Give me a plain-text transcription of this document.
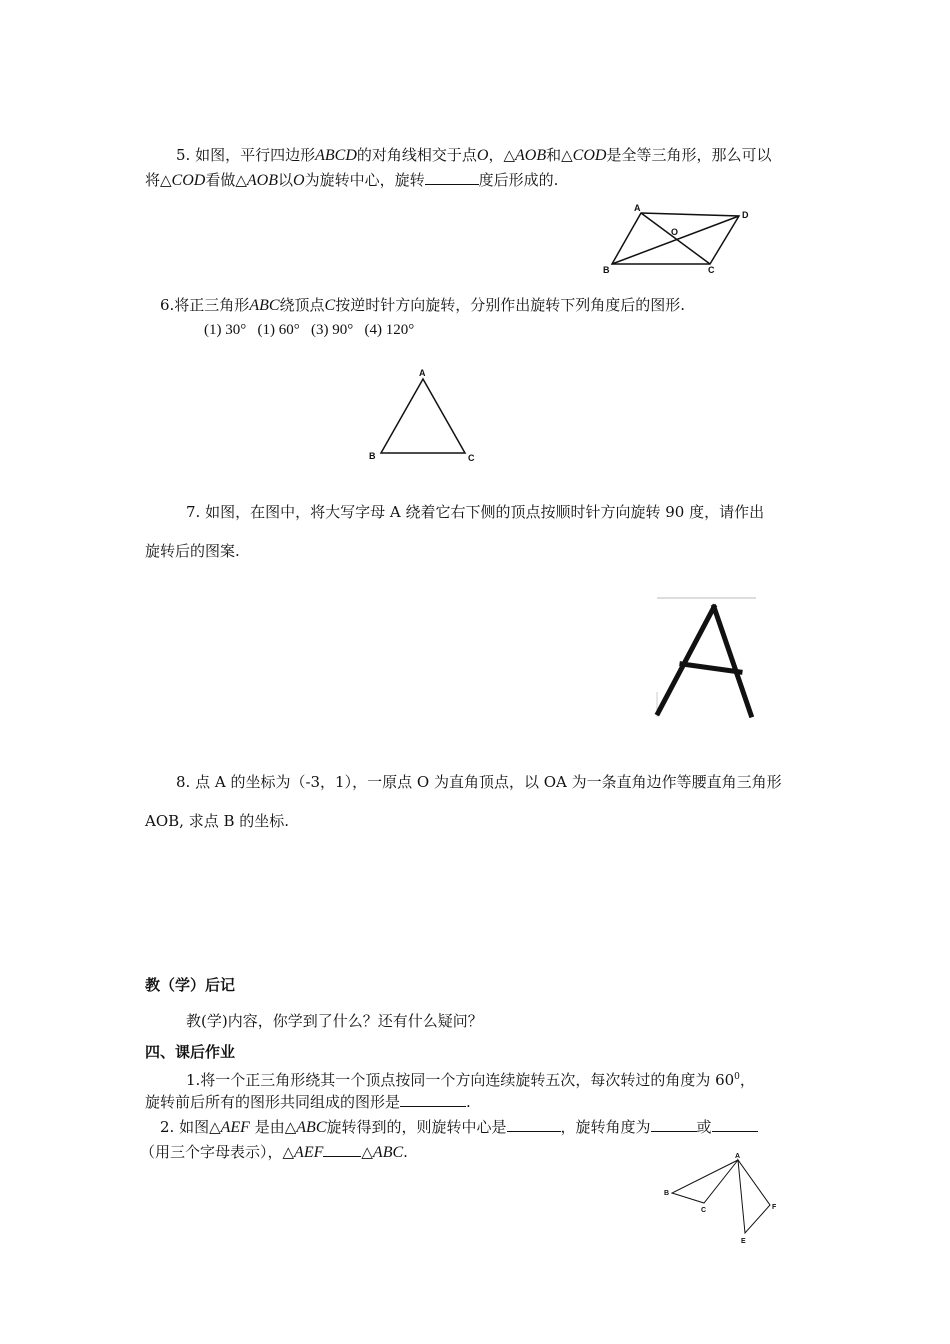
5. 如图，平行四边形ABCD的对角线相交于点O，△AOB和△COD是全等三角形，那么可以
将△COD看做△AOB以O为旋转中心，旋转	度后形成的.
A
D
O
B	C
6.将正三角形ABC绕顶点C按逆时针方向旋转，分别作出旋转下列角度后的图形.
(1) 30°   (1) 60°   (3) 90°   (4) 120°
A
B	C
7. 如图，在图中，将大写字母 A 绕着它右下侧的顶点按顺时针方向旋转 90 度，请作出
旋转后的图案.
8. 点 A 的坐标为（-3，1），一原点 O 为直角顶点，以 OA 为一条直角边作等腰直角三角形
AOB, 求点 B 的坐标.
教（学）后记
教(学)内容，你学到了什么？还有什么疑问？
四、课后作业
1.将一个正三角形绕其一个顶点按同一个方向连续旋转五次，每次转过的角度为 $60^0$，
旋转前后所有的图形共同组成的图形是	.
2. 如图△AEF 是由△ABC旋转得到的，则旋转中心是	，旋转角度为	或
（用三个字母表示），△AEF	△ABC.	A
B
C	F
E
